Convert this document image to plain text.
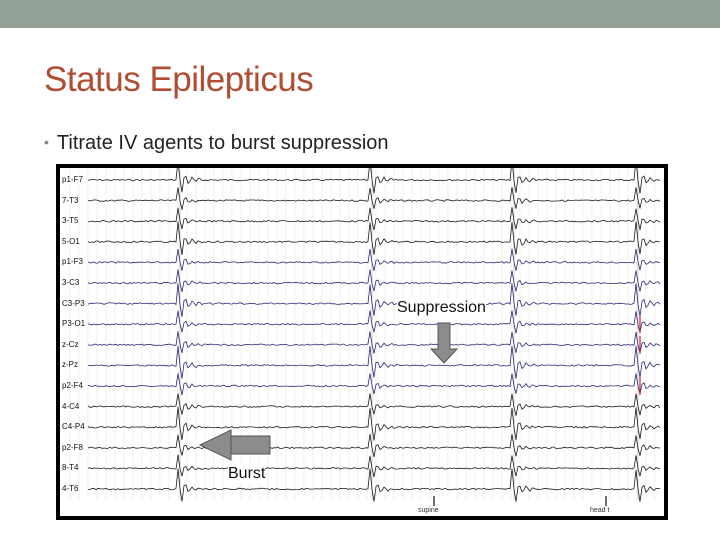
Status Epilepticus
• Titrate IV agents to burst suppression
p1-F7
7-T3
3-T5
5-O1
p1-F3
3-C3
C3-P3
P3-O1
z-Cz
z-Pz
p2-F4
4-C4
C4-P4
p2-F8
8-T4
4-T6
Suppression
Burst
supine	head t
